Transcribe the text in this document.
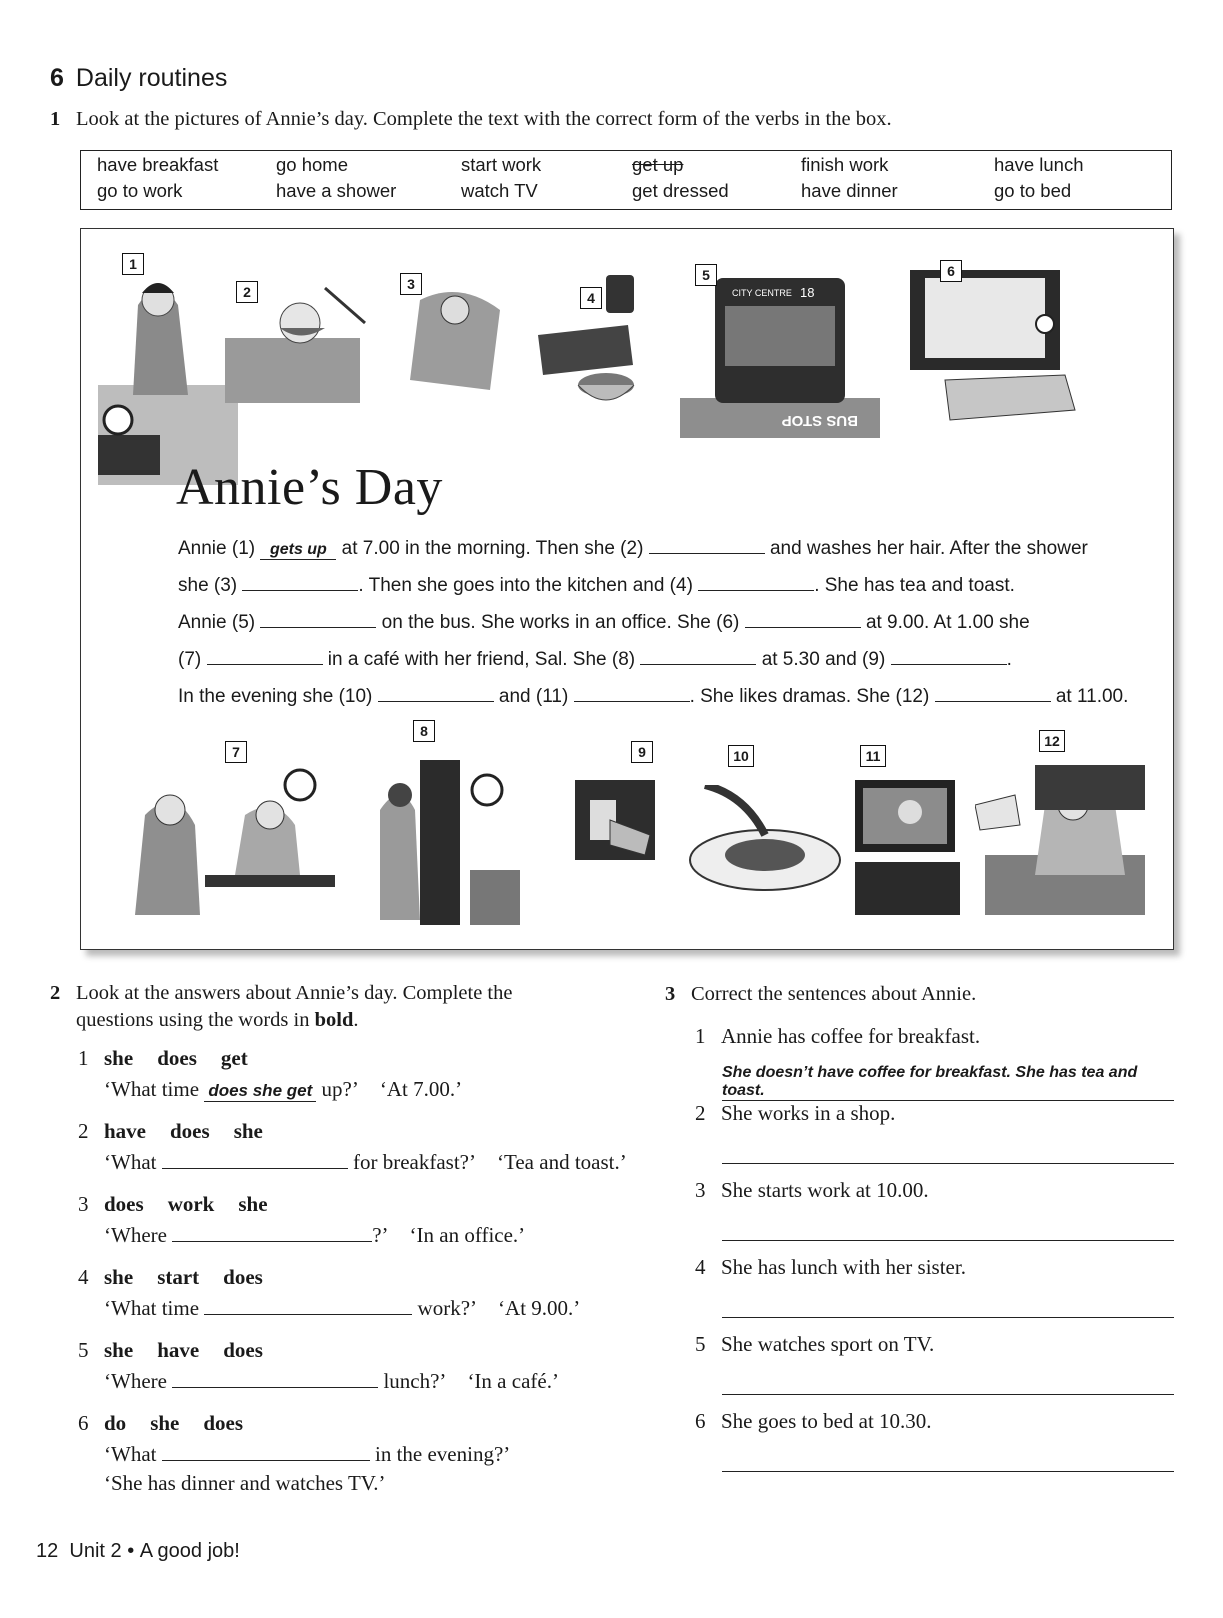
6 Daily routines
1 Look at the pictures of Annie’s day. Complete the text with the correct form of the verbs in the box.
have breakfast	go home	start work	get up	finish work	have lunch
go to work	have a shower	watch TV	get dressed	have dinner	go to bed
CITY CENTRE 18
BUS STOP
1
2	3
4
5	6
Annie’s Day
Annie (1) gets up at 7.00 in the morning. Then she (2)	and washes her hair. After the shower
she (3)	. Then she goes into the kitchen and (4)	. She has tea and toast.
Annie (5)	on the bus. She works in an office. She (6)	at 9.00. At 1.00 she
(7)	in a café with her friend, Sal. She (8)	at 5.30 and (9)	.
In the evening she (10)	and (11)	. She likes dramas. She (12)	at 11.00.
7
8
9	10	11
12
2 Look at the answers about Annie’s day. Complete the
questions using the words in bold.
1 she does get
‘What time does she get up?’ ‘At 7.00.’
2 have does she
‘What	for breakfast?’ ‘Tea and toast.’
3 does work she
‘Where	?’ ‘In an office.’
4 she start does
‘What time	work?’ ‘At 9.00.’
5 she have does
‘Where	lunch?’ ‘In a café.’
6 do she does
‘What	in the evening?’
‘She has dinner and watches TV.’
3 Correct the sentences about Annie.
1 Annie has coffee for breakfast.
She doesn’t have coffee for breakfast. She has tea and toast.
2 She works in a shop.
3 She starts work at 10.00.
4 She has lunch with her sister.
5 She watches sport on TV.
6 She goes to bed at 10.30.
12 Unit 2 • A good job!
